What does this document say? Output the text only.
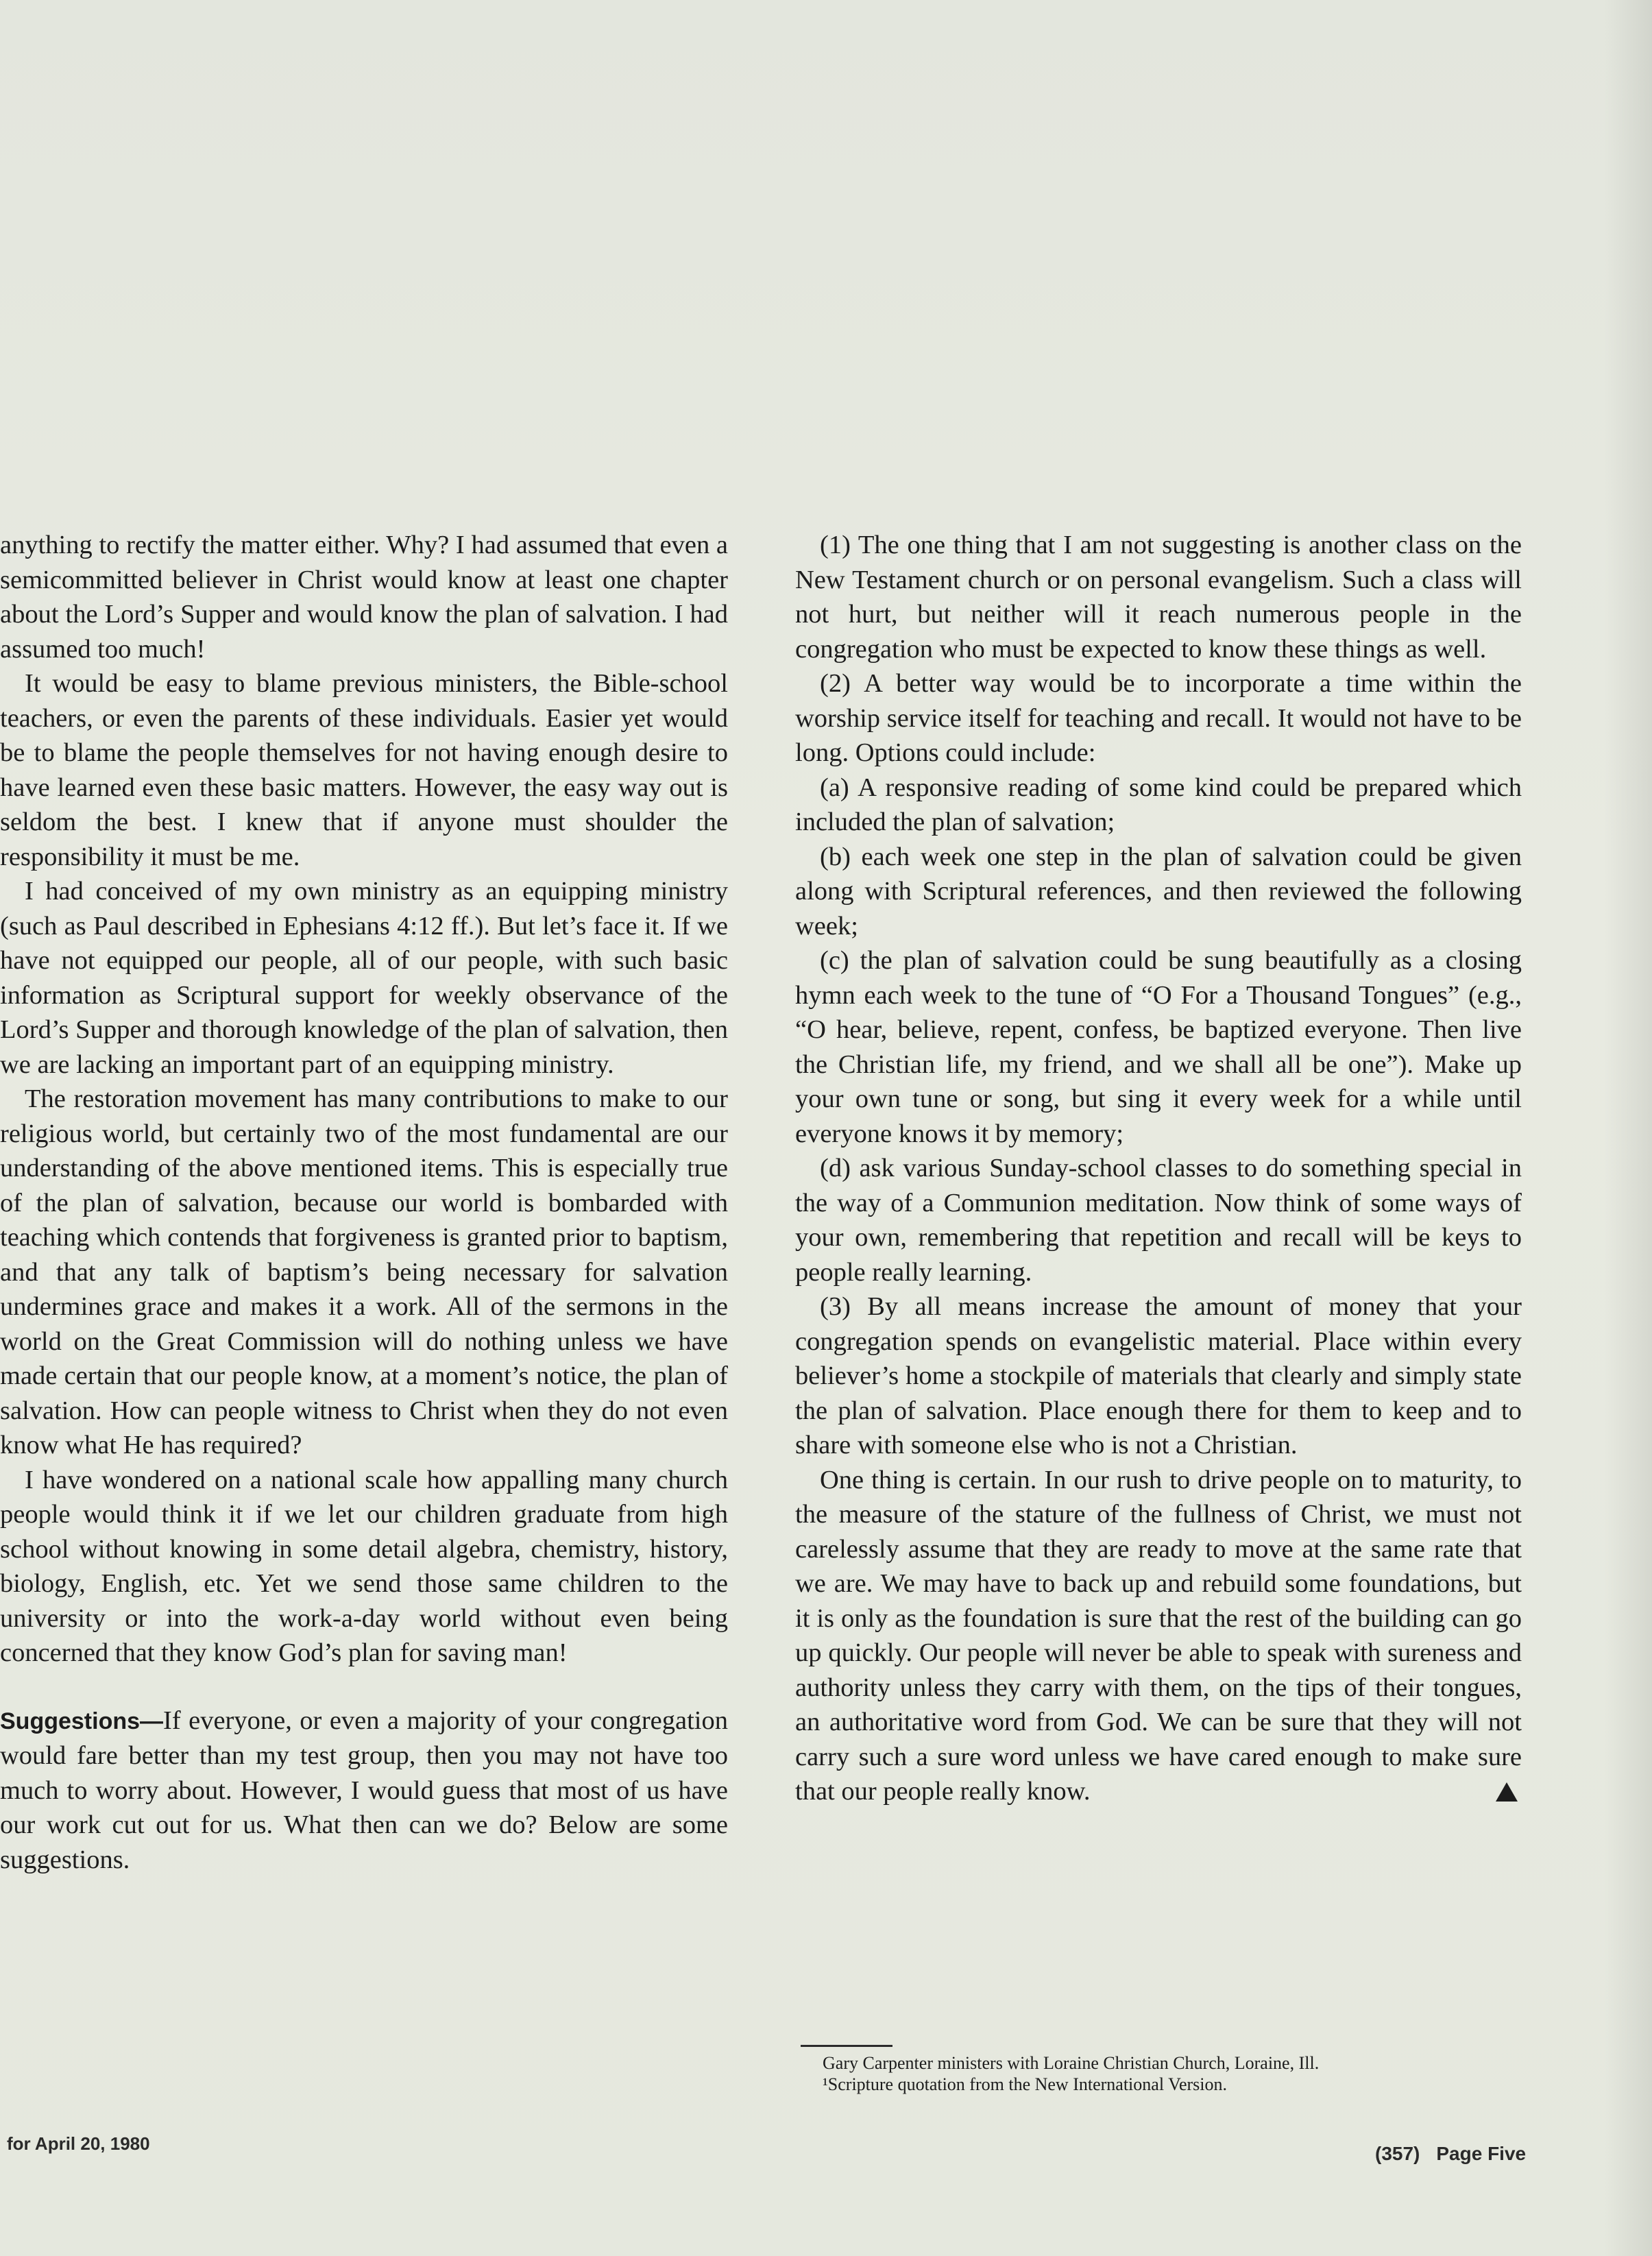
anything to rectify the matter either. Why? I had assumed that even a semicommitted believer in Christ would know at least one chapter about the Lord’s Supper and would know the plan of salvation. I had assumed too much!

It would be easy to blame previous ministers, the Bible-school teachers, or even the parents of these individuals. Easier yet would be to blame the people themselves for not having enough desire to have learned even these basic matters. However, the easy way out is seldom the best. I knew that if anyone must shoulder the responsibility it must be me.

I had conceived of my own ministry as an equipping ministry (such as Paul described in Ephesians 4:12 ff.). But let’s face it. If we have not equipped our people, all of our people, with such basic information as Scriptural support for weekly observance of the Lord’s Supper and thorough knowledge of the plan of salvation, then we are lacking an important part of an equipping ministry.

The restoration movement has many contributions to make to our religious world, but certainly two of the most fundamental are our understanding of the above mentioned items. This is especially true of the plan of salvation, because our world is bombarded with teaching which contends that forgiveness is granted prior to baptism, and that any talk of baptism’s being necessary for salvation undermines grace and makes it a work. All of the sermons in the world on the Great Commission will do nothing unless we have made certain that our people know, at a moment’s notice, the plan of salvation. How can people witness to Christ when they do not even know what He has required?

I have wondered on a national scale how appalling many church people would think it if we let our children graduate from high school without knowing in some detail algebra, chemistry, history, biology, English, etc. Yet we send those same children to the university or into the work-a-day world without even being concerned that they know God’s plan for saving man!

Suggestions—If everyone, or even a majority of your congregation would fare better than my test group, then you may not have too much to worry about. However, I would guess that most of us have our work cut out for us. What then can we do? Below are some suggestions.

(1) The one thing that I am not suggesting is another class on the New Testament church or on personal evangelism. Such a class will not hurt, but neither will it reach numerous people in the congregation who must be expected to know these things as well.

(2) A better way would be to incorporate a time within the worship service itself for teaching and recall. It would not have to be long. Options could include:

(a) A responsive reading of some kind could be prepared which included the plan of salvation;

(b) each week one step in the plan of salvation could be given along with Scriptural references, and then reviewed the following week;

(c) the plan of salvation could be sung beautifully as a closing hymn each week to the tune of “O For a Thousand Tongues” (e.g., “O hear, believe, repent, confess, be baptized everyone. Then live the Christian life, my friend, and we shall all be one”). Make up your own tune or song, but sing it every week for a while until everyone knows it by memory;

(d) ask various Sunday-school classes to do something special in the way of a Communion meditation. Now think of some ways of your own, remembering that repetition and recall will be keys to people really learning.

(3) By all means increase the amount of money that your congregation spends on evangelistic material. Place within every believer’s home a stockpile of materials that clearly and simply state the plan of salvation. Place enough there for them to keep and to share with someone else who is not a Christian.

One thing is certain. In our rush to drive people on to maturity, to the measure of the stature of the fullness of Christ, we must not carelessly assume that they are ready to move at the same rate that we are. We may have to back up and rebuild some foundations, but it is only as the foundation is sure that the rest of the building can go up quickly. Our people will never be able to speak with sureness and authority unless they carry with them, on the tips of their tongues, an authoritative word from God. We can be sure that they will not carry such a sure word unless we have cared enough to make sure that our people really know.

Gary Carpenter ministers with Loraine Christian Church, Loraine, Ill.
¹Scripture quotation from the New International Version.
for April 20, 1980	(357) Page Five
